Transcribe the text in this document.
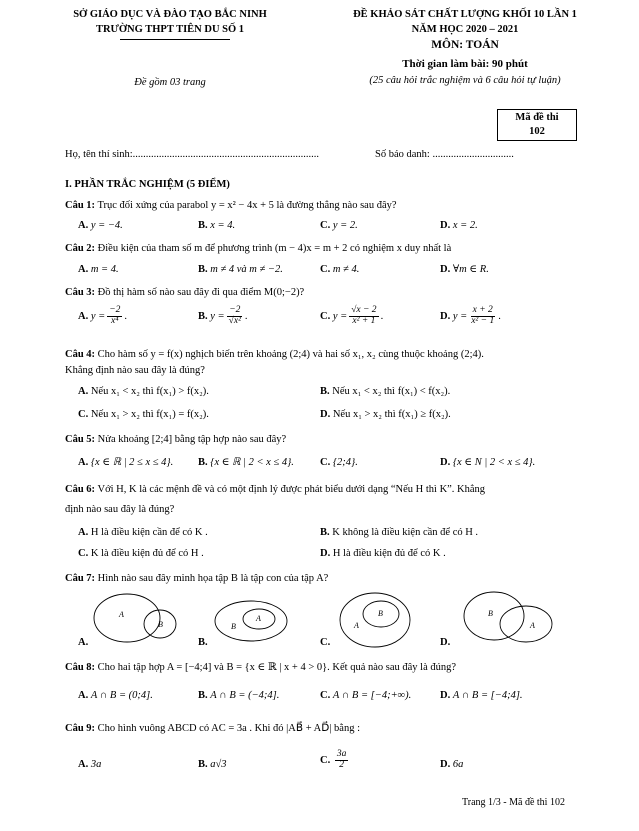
SỞ GIÁO DỤC VÀ ĐÀO TẠO BẮC NINH
TRƯỜNG THPT TIÊN DU SỐ 1
Đề gồm 03 trang
ĐỀ KHẢO SÁT CHẤT LƯỢNG KHỐI 10 LẦN 1
NĂM HỌC 2020 – 2021
MÔN: TOÁN
Thời gian làm bài: 90 phút
(25 câu hỏi trắc nghiệm và 6 câu hỏi tự luận)
Mã đề thi
102
Họ, tên thí sinh:.......................................................................	Số báo danh: ...............................
I. PHẦN TRẮC NGHIỆM (5 ĐIỂM)
Câu 1: Trục đối xứng của parabol y = x² − 4x + 5 là đường thẳng nào sau đây?
A. y = −4.	B. x = 4.	C. y = 2.	D. x = 2.
Câu 2: Điều kiện của tham số m để phương trình (m − 4)x = m + 2 có nghiệm x duy nhất là
A. m = 4.	B. m ≠ 4 và m ≠ −2.	C. m ≠ 4.	D. ∀m ∈ R.
Câu 3: Đồ thị hàm số nào sau đây đi qua điểm M(0;−2)?
A. $y = \frac{-2}{\text{x⁴}}$ .	B. $y = \frac{-2}{\text{√x²}}$ .	C. $y = \frac{√x - 2}{\text{x² + 1}}$ .	D. $y = \frac{x + 2}{\text{x² − 1}}$ .
Câu 4: Cho hàm số y = f(x) nghịch biến trên khoảng (2;4) và hai số x₁, x₂ cùng thuộc khoảng (2;4).
Khẳng định nào sau đây là đúng?
A. Nếu x₁ < x₂ thì f(x₁) > f(x₂).	B. Nếu x₁ < x₂ thì f(x₁) < f(x₂).
C. Nếu x₁ > x₂ thì f(x₁) = f(x₂).	D. Nếu x₁ > x₂ thì f(x₁) ≥ f(x₂).
Câu 5: Nửa khoảng [2;4] bằng tập hợp nào sau đây?
A. {x ∈ ℝ | 2 ≤ x ≤ 4}. B. {x ∈ ℝ | 2 < x ≤ 4}. C. {2;4}.	D. {x ∈ N | 2 < x ≤ 4}.
Câu 6: Với H, K là các mệnh đề và có một định lý được phát biểu dưới dạng “Nếu H thì K”. Khẳng
định nào sau đây là đúng?
A. H là điều kiện cần để có K .	B. K không là điều kiện cần để có H .
C. K là điều kiện đủ để có H .	D. H là điều kiện đủ để có K .
Câu 7: Hình nào sau đây minh họa tập B là tập con của tập A?
A
B
A.
B
A
B.
A
B
C.
B
A
D.
Câu 8: Cho hai tập hợp A = [−4;4] và B = {x ∈ ℝ | x + 4 > 0}. Kết quả nào sau đây là đúng?
A. A ∩ B = (0;4].	B. A ∩ B = (−4;4].	C. A ∩ B = [−4;+∞).	D. A ∩ B = [−4;4].
Câu 9: Cho hình vuông ABCD có AC = 3a . Khi đó |AB⃗ + AD⃗| bằng :
A. 3a	B. a√3	C. $\frac{3a}{2}$	D. 6a
Trang 1/3 - Mã đề thi 102
